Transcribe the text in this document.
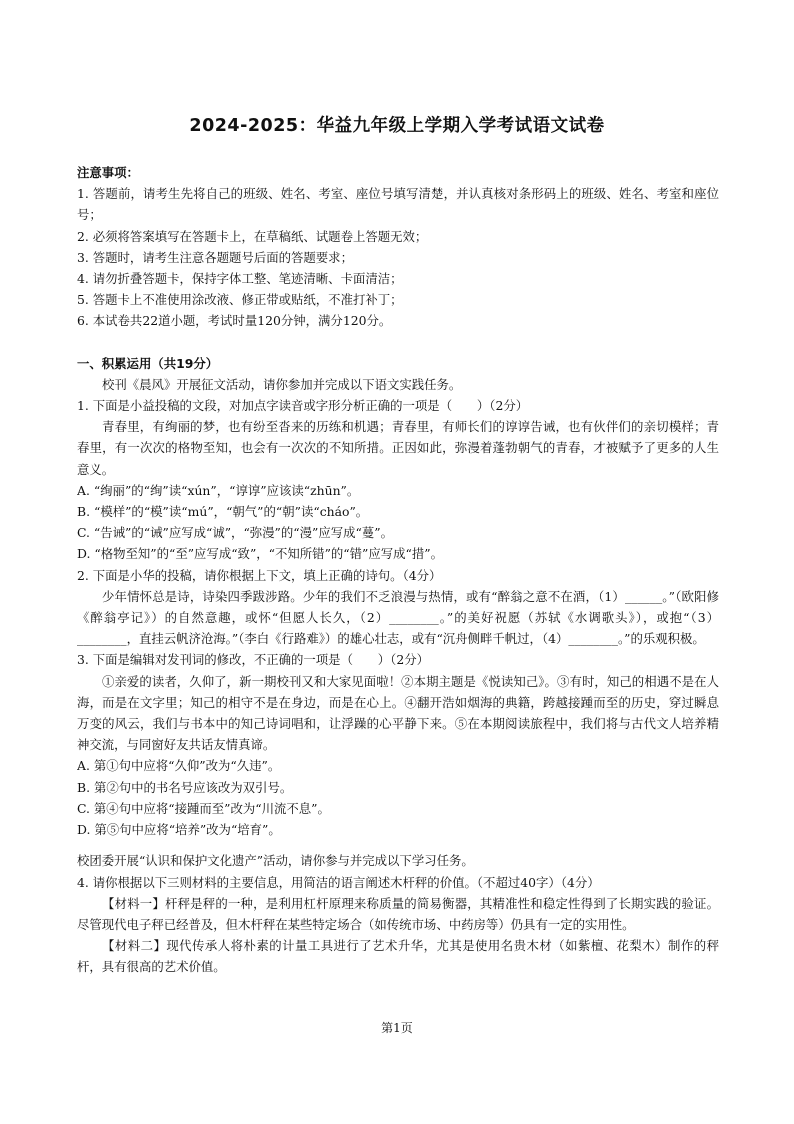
2024-2025：华益九年级上学期入学考试语文试卷
注意事项：
1. 答题前，请考生先将自己的班级、姓名、考室、座位号填写清楚，并认真核对条形码上的班级、姓名、考室和座位号；
2. 必须将答案填写在答题卡上，在草稿纸、试题卷上答题无效；
3. 答题时，请考生注意各题题号后面的答题要求；
4. 请勿折叠答题卡，保持字体工整、笔迹清晰、卡面清洁；
5. 答题卡上不准使用涂改液、修正带或贴纸，不准打补丁；
6. 本试卷共22道小题，考试时量120分钟，满分120分。
一、积累运用（共19分）
校刊《晨风》开展征文活动，请你参加并完成以下语文实践任务。
1. 下面是小益投稿的文段，对加点字读音或字形分析正确的一项是（　　）（2分）
青春里，有绚丽的梦，也有纷至沓来的历练和机遇；青春里，有师长们的谆谆告诫，也有伙伴们的亲切模样；青春里，有一次次的格物至知，也会有一次次的不知所措。正因如此，弥漫着蓬勃朝气的青春，才被赋予了更多的人生意义。
A. “绚丽”的“绚”读“xún”，“谆谆”应该读“zhūn”。
B. “模样”的“模”读“mú”，“朝气”的“朝”读“cháo”。
C. “告诫”的“诫”应写成“诚”，“弥漫”的“漫”应写成“蔓”。
D. “格物至知”的“至”应写成“致”，“不知所错”的“错”应写成“措”。
2. 下面是小华的投稿，请你根据上下文，填上正确的诗句。（4分）
少年情怀总是诗，诗染四季跋涉路。少年的我们不乏浪漫与热情，或有“醉翁之意不在酒，（1）______。”（欧阳修《醉翁亭记》）的自然意趣，或怀“但愿人长久，（2）________。”的美好祝愿（苏轼《水调歌头》），或抱“（3）________，直挂云帆济沧海。”（李白《行路难》）的雄心壮志，或有“沉舟侧畔千帆过，（4）________。”的乐观积极。
3. 下面是编辑对发刊词的修改，不正确的一项是（　　）（2分）
①亲爱的读者，久仰了，新一期校刊又和大家见面啦！②本期主题是《悦读知己》。③有时，知己的相遇不是在人海，而是在文字里；知己的相守不是在身边，而是在心上。④翻开浩如烟海的典籍，跨越接踵而至的历史，穿过瞬息万变的风云，我们与书本中的知己诗词唱和，让浮躁的心平静下来。⑤在本期阅读旅程中，我们将与古代文人培养精神交流，与同窗好友共话友情真谛。
A. 第①句中应将“久仰”改为“久违”。
B. 第②句中的书名号应该改为双引号。
C. 第④句中应将“接踵而至”改为“川流不息”。
D. 第⑤句中应将“培养”改为“培育”。
校团委开展“认识和保护文化遗产”活动，请你参与并完成以下学习任务。
4. 请你根据以下三则材料的主要信息，用简洁的语言阐述木杆秤的价值。（不超过40字）（4分）
【材料一】杆秤是秤的一种，是利用杠杆原理来称质量的简易衡器，其精准性和稳定性得到了长期实践的验证。尽管现代电子秤已经普及，但木杆秤在某些特定场合（如传统市场、中药房等）仍具有一定的实用性。
【材料二】现代传承人将朴素的计量工具进行了艺术升华，尤其是使用名贵木材（如紫檀、花梨木）制作的秤杆，具有很高的艺术价值。
第1页
